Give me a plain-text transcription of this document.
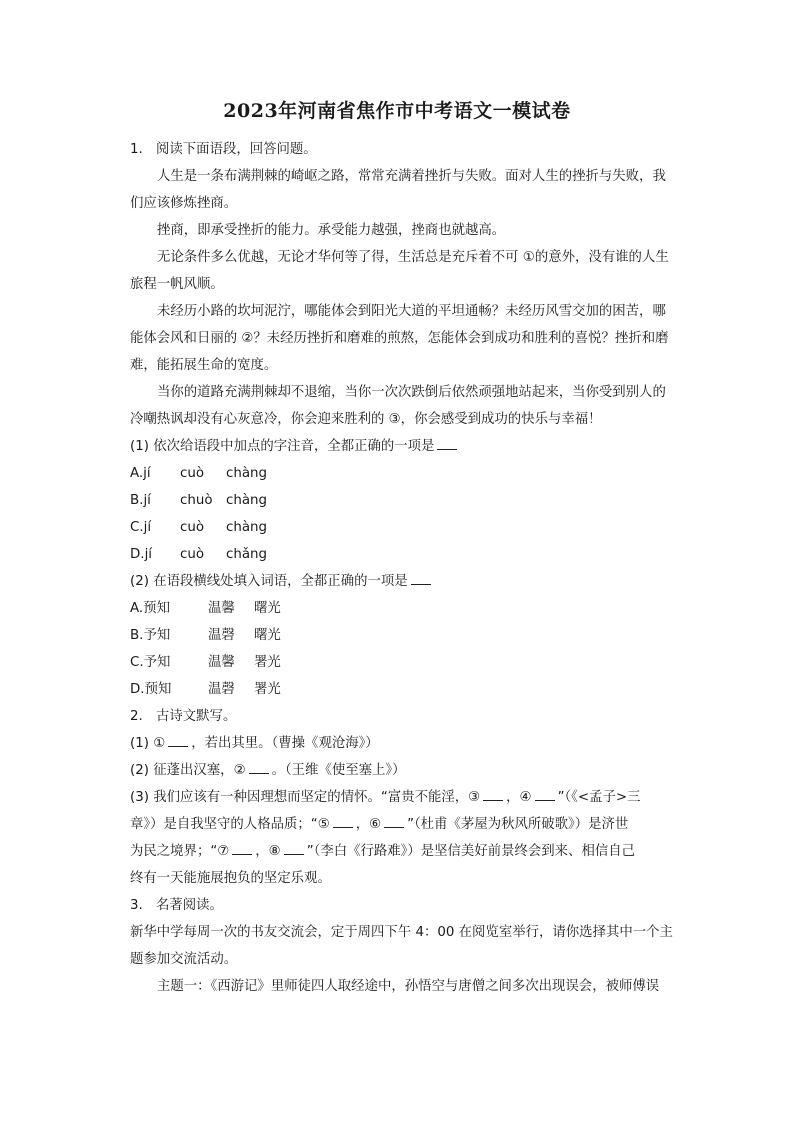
2023年河南省焦作市中考语文一模试卷
1. 阅读下面语段，回答问题。
人生是一条布满荆棘的崎岖之路，常常充满着挫折与失败。面对人生的挫折与失败，我
们应该修炼挫商。
挫商，即承受挫折的能力。承受能力越强，挫商也就越高。
无论条件多么优越，无论才华何等了得，生活总是充斥着不可 ①的意外，没有谁的人生
旅程一帆风顺。
未经历小路的坎坷泥泞，哪能体会到阳光大道的平坦通畅？未经历风雪交加的困苦，哪
能体会风和日丽的 ②？未经历挫折和磨难的煎熬，怎能体会到成功和胜利的喜悦？挫折和磨
难，能拓展生命的宽度。
当你的道路充满荆棘却不退缩，当你一次次跌倒后依然顽强地站起来，当你受到别人的
冷嘲热讽却没有心灰意冷，你会迎来胜利的 ③，你会感受到成功的快乐与幸福！
(1) 依次给语段中加点的字注音，全都正确的一项是
A.jí cuò chàng
B.jí chuò chàng
C.jí cuò chàng
D.jí cuò chǎng
(2) 在语段横线处填入词语，全都正确的一项是
A.预知	温馨 曙光
B.予知	温磬 曙光
C.予知	温馨 署光
D.预知	温磬 署光
2. 古诗文默写。
(1) ① ，若出其里。（曹操《观沧海》）
(2) 征蓬出汉塞，② 。（王维《使至塞上》）
(3) 我们应该有一种因理想而坚定的情怀。“富贵不能淫，③ ，④ ”（《<孟子>三
章》）是自我坚守的人格品质；“⑤ ，⑥ ”（杜甫《茅屋为秋风所破歌》）是济世
为民之境界；“⑦ ，⑧ ”（李白《行路难》）是坚信美好前景终会到来、相信自己
终有一天能施展抱负的坚定乐观。
3. 名著阅读。
新华中学每周一次的书友交流会，定于周四下午 4：00 在阅览室举行，请你选择其中一个主
题参加交流活动。
主题一：《西游记》里师徒四人取经途中，孙悟空与唐僧之间多次出现误会，被师傅误
